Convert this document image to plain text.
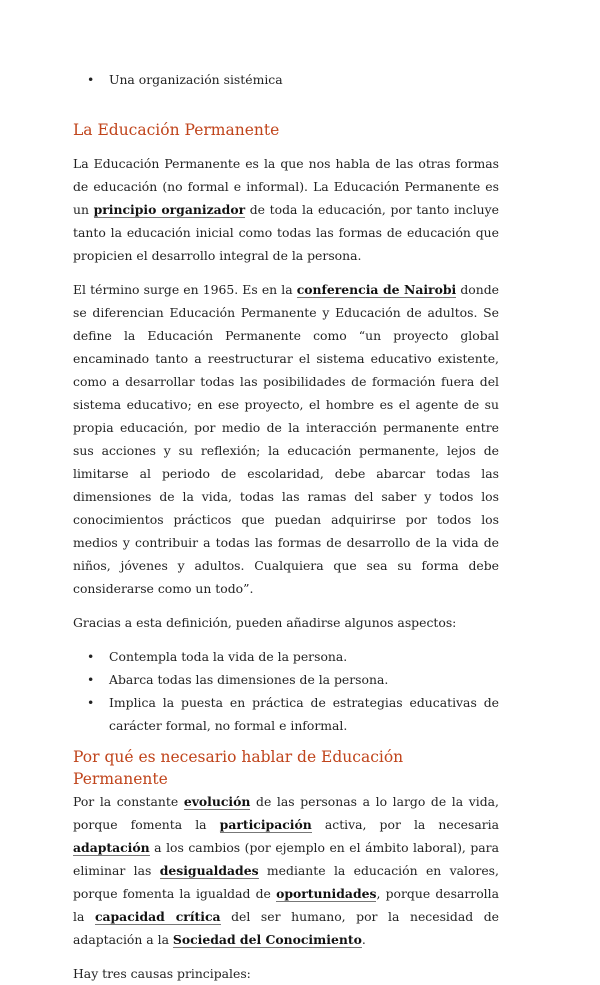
• Una organización sistémica
La Educación Permanente

La Educación Permanente es la que nos habla de las otras formas de educación (no formal e informal). La Educación Permanente es un principio organizador de toda la educación, por tanto incluye tanto la educación inicial como todas las formas de educación que propicien el desarrollo integral de la persona.

El término surge en 1965. Es en la conferencia de Nairobi donde se diferencian Educación Permanente y Educación de adultos. Se define la Educación Permanente como “un proyecto global encaminado tanto a reestructurar el sistema educativo existente, como a desarrollar todas las posibilidades de formación fuera del sistema educativo; en ese proyecto, el hombre es el agente de su propia educación, por medio de la interacción permanente entre sus acciones y su reflexión; la educación permanente, lejos de limitarse al periodo de escolaridad, debe abarcar todas las dimensiones de la vida, todas las ramas del saber y todos los conocimientos prácticos que puedan adquirirse por todos los medios y contribuir a todas las formas de desarrollo de la vida de niños, jóvenes y adultos. Cualquiera que sea su forma debe considerarse como un todo”.

Gracias a esta definición, pueden añadirse algunos aspectos:

• Contempla toda la vida de la persona.
• Abarca todas las dimensiones de la persona.
• Implica la puesta en práctica de estrategias educativas de carácter formal, no formal e informal.
Por qué es necesario hablar de Educación Permanente

Por la constante evolución de las personas a lo largo de la vida, porque fomenta la participación activa, por la necesaria adaptación a los cambios (por ejemplo en el ámbito laboral), para eliminar las desigualdades mediante la educación en valores, porque fomenta la igualdad de oportunidades, porque desarrolla la capacidad crítica del ser humano, por la necesidad de adaptación a la Sociedad del Conocimiento.

Hay tres causas principales:
